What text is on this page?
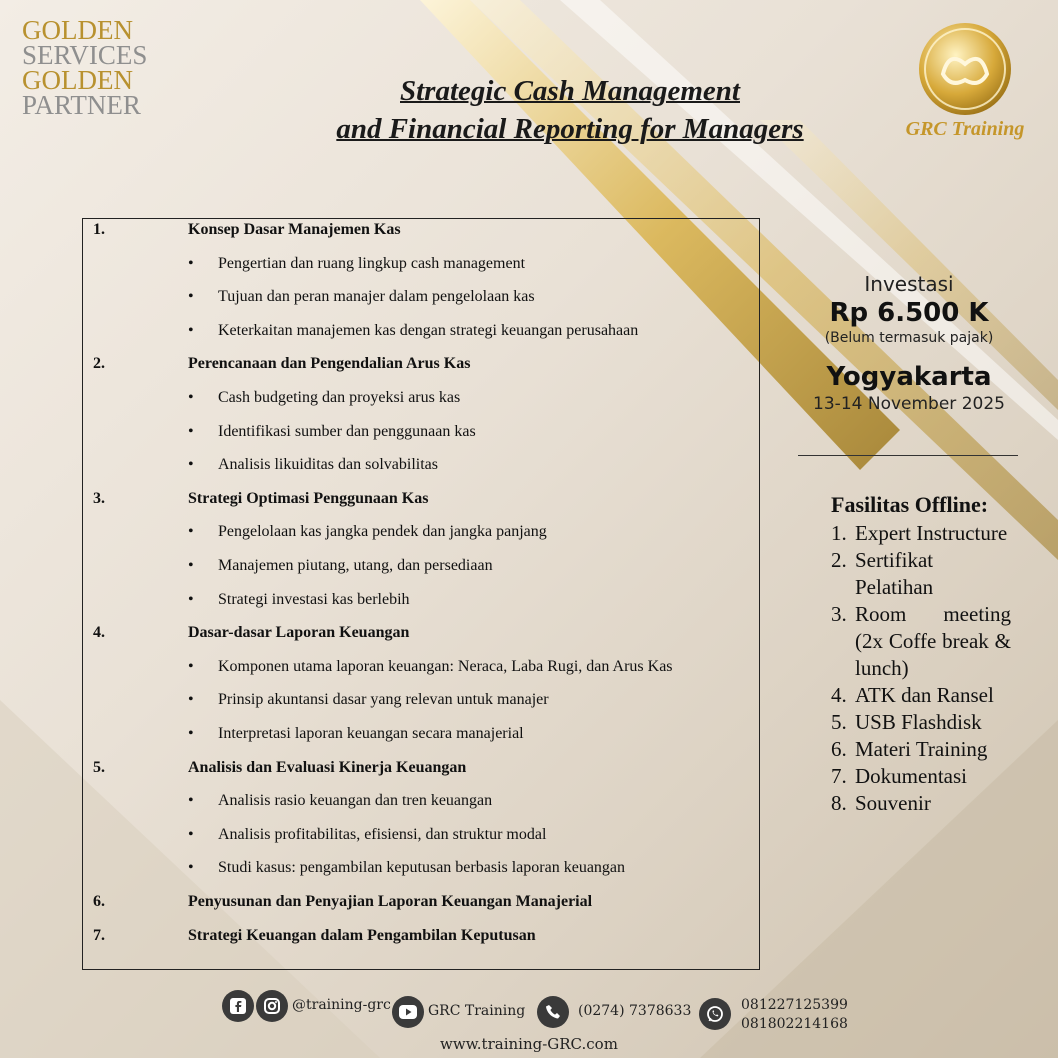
GOLDEN
SERVICES
GOLDEN
PARTNER	Strategic Cash Management
and Financial Reporting for Managers	GRC Training
1.	Konsep Dasar Manajemen Kas
• Pengertian dan ruang lingkup cash management
• Tujuan dan peran manajer dalam pengelolaan kas
• Keterkaitan manajemen kas dengan strategi keuangan perusahaan
2.	Perencanaan dan Pengendalian Arus Kas
• Cash budgeting dan proyeksi arus kas
• Identifikasi sumber dan penggunaan kas
• Analisis likuiditas dan solvabilitas
3.	Strategi Optimasi Penggunaan Kas
• Pengelolaan kas jangka pendek dan jangka panjang
• Manajemen piutang, utang, dan persediaan
• Strategi investasi kas berlebih
4.	Dasar-dasar Laporan Keuangan
• Komponen utama laporan keuangan: Neraca, Laba Rugi, dan Arus Kas
• Prinsip akuntansi dasar yang relevan untuk manajer
• Interpretasi laporan keuangan secara manajerial
5.	Analisis dan Evaluasi Kinerja Keuangan
• Analisis rasio keuangan dan tren keuangan
• Analisis profitabilitas, efisiensi, dan struktur modal
• Studi kasus: pengambilan keputusan berbasis laporan keuangan
6.	Penyusunan dan Penyajian Laporan Keuangan Manajerial
7.	Strategi Keuangan dalam Pengambilan Keputusan
Investasi
Rp 6.500 K
(Belum termasuk pajak)
Yogyakarta
13-14 November 2025
Fasilitas Offline:
1. Expert Instructure
2. Sertifikat Pelatihan
3. Room meeting (2x Coffe break & lunch)
4. ATK dan Ransel
5. USB Flashdisk
6. Materi Training
7. Dokumentasi
8. Souvenir
@training-grc	GRC Training	(0274) 7378633	081227125399
081802214168
www.training-GRC.com
